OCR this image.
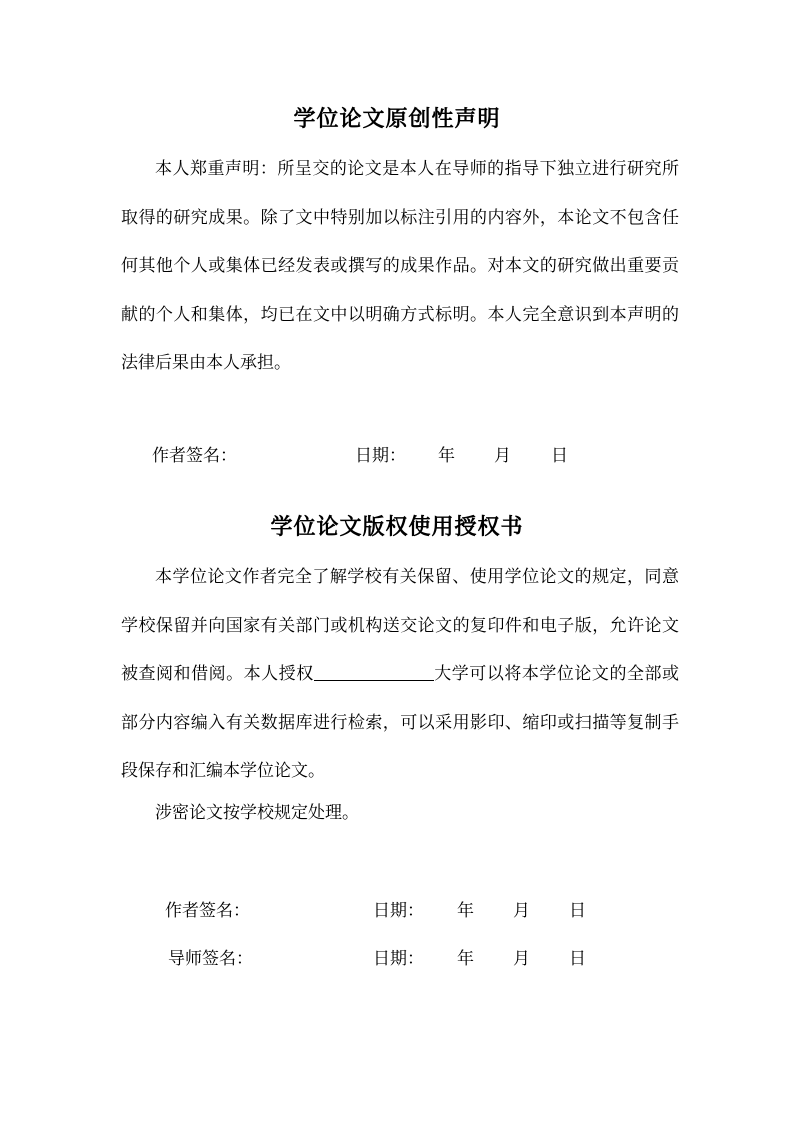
学位论文原创性声明

本人郑重声明：所呈交的论文是本人在导师的指导下独立进行研究所取得的研究成果。除了文中特别加以标注引用的内容外，本论文不包含任何其他个人或集体已经发表或撰写的成果作品。对本文的研究做出重要贡献的个人和集体，均已在文中以明确方式标明。本人完全意识到本声明的法律后果由本人承担。

作者签名：	日期： 年 月 日
学位论文版权使用授权书

本学位论文作者完全了解学校有关保留、使用学位论文的规定，同意学校保留并向国家有关部门或机构送交论文的复印件和电子版，允许论文被查阅和借阅。本人授权	大学可以将本学位论文的全部或部分内容编入有关数据库进行检索，可以采用影印、缩印或扫描等复制手段保存和汇编本学位论文。

涉密论文按学校规定处理。
作者签名：	日期： 年 月 日
导师签名：	日期： 年 月 日
